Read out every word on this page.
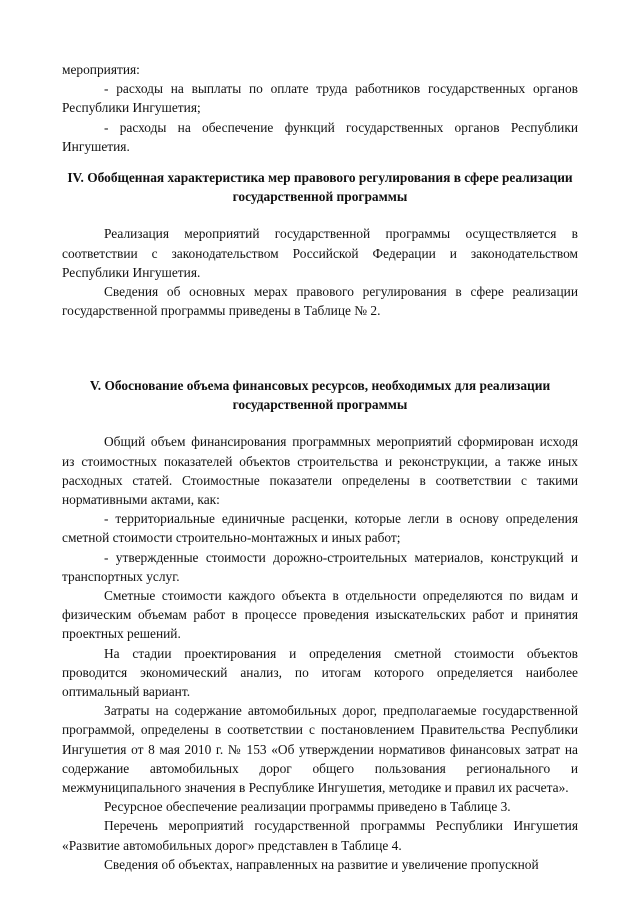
мероприятия:

- расходы на выплаты по оплате труда работников государственных органов Республики Ингушетия;

- расходы на обеспечение функций государственных органов Республики Ингушетия.

IV. Обобщенная характеристика мер правового регулирования в сфере реализации государственной программы

Реализация мероприятий государственной программы осуществляется в соответствии с законодательством Российской Федерации и законодательством Республики Ингушетия.

Сведения об основных мерах правового регулирования в сфере реализации государственной программы приведены в Таблице № 2.

V. Обоснование объема финансовых ресурсов, необходимых для реализации государственной программы

Общий объем финансирования программных мероприятий сформирован исходя из стоимостных показателей объектов строительства и реконструкции, а также иных расходных статей. Стоимостные показатели определены в соответствии с такими нормативными актами, как:

- территориальные единичные расценки, которые легли в основу определения сметной стоимости строительно-монтажных и иных работ;

- утвержденные стоимости дорожно-строительных материалов, конструкций и транспортных услуг.

Сметные стоимости каждого объекта в отдельности определяются по видам и физическим объемам работ в процессе проведения изыскательских работ и принятия проектных решений.

На стадии проектирования и определения сметной стоимости объектов проводится экономический анализ, по итогам которого определяется наиболее оптимальный вариант.

Затраты на содержание автомобильных дорог, предполагаемые государственной программой, определены в соответствии с постановлением Правительства Республики Ингушетия от 8 мая 2010 г. № 153 «Об утверждении нормативов финансовых затрат на содержание автомобильных дорог общего пользования регионального и межмуниципального значения в Республике Ингушетия, методике и правил их расчета».

Ресурсное обеспечение реализации программы приведено в Таблице 3.

Перечень мероприятий государственной программы Республики Ингушетия «Развитие автомобильных дорог» представлен в Таблице 4.

Сведения об объектах, направленных на развитие и увеличение пропускной
